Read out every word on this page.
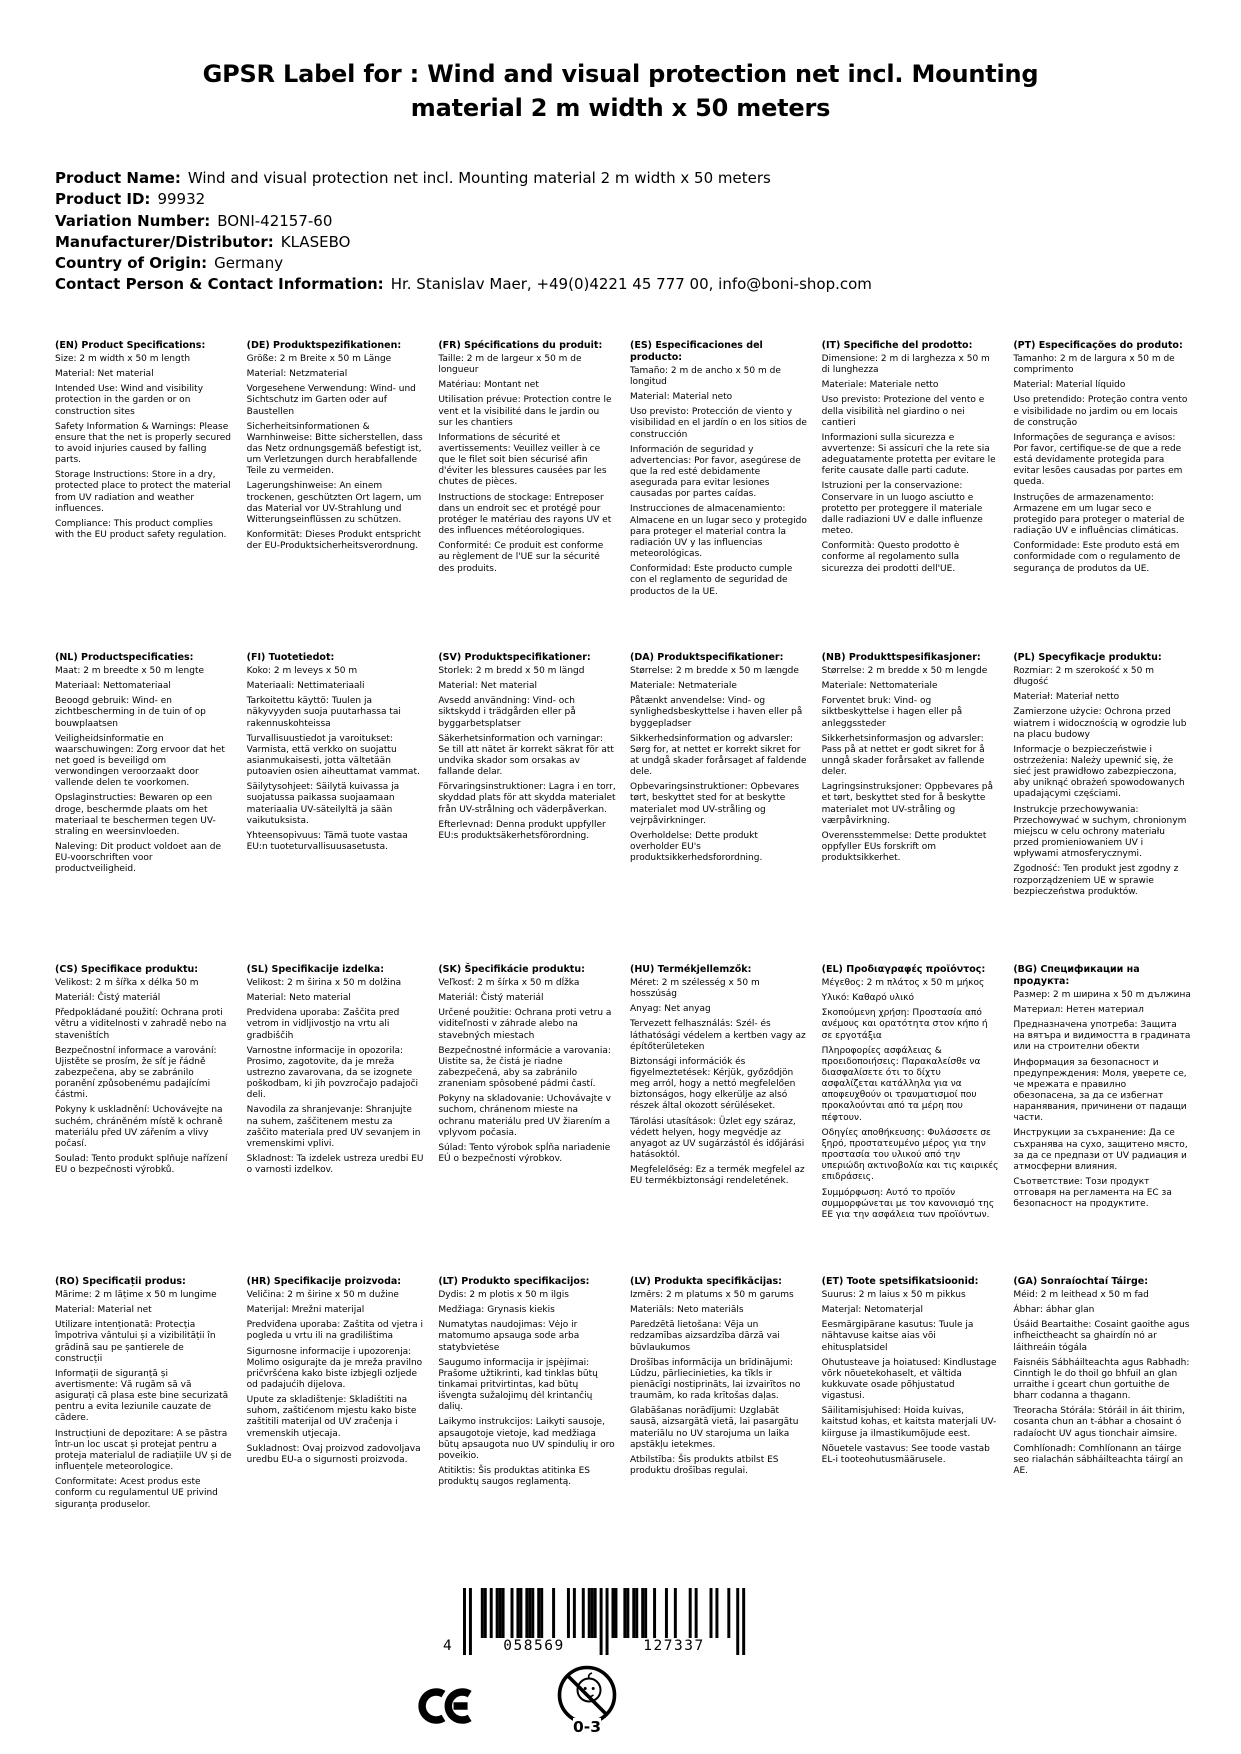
GPSR Label for : Wind and visual protection net incl. Mounting material 2 m width x 50 meters
Product Name: Wind and visual protection net incl. Mounting material 2 m width x 50 meters
Product ID: 99932
Variation Number: BONI-42157-60
Manufacturer/Distributor: KLASEBO
Country of Origin: Germany
Contact Person & Contact Information: Hr. Stanislav Maer, +49(0)4221 45 777 00, info@boni-shop.com

(EN) Product Specifications:

Size: 2 m width x 50 m length

Material: Net material

Intended Use: Wind and visibility protection in the garden or on construction sites

Safety Information & Warnings: Please ensure that the net is properly secured to avoid injuries caused by falling parts.

Storage Instructions: Store in a dry, protected place to protect the material from UV radiation and weather influences.

Compliance: This product complies with the EU product safety regulation.

(DE) Produktspezifikationen:

Größe: 2 m Breite x 50 m Länge

Material: Netzmaterial

Vorgesehene Verwendung: Wind- und Sichtschutz im Garten oder auf Baustellen

Sicherheitsinformationen & Warnhinweise: Bitte sicherstellen, dass das Netz ordnungsgemäß befestigt ist, um Verletzungen durch herabfallende Teile zu vermeiden.

Lagerungshinweise: An einem trockenen, geschützten Ort lagern, um das Material vor UV-Strahlung und Witterungseinflüssen zu schützen.

Konformität: Dieses Produkt entspricht der EU-Produktsicherheitsverordnung.

(FR) Spécifications du produit:

Taille: 2 m de largeur x 50 m de longueur

Matériau: Montant net

Utilisation prévue: Protection contre le vent et la visibilité dans le jardin ou sur les chantiers

Informations de sécurité et avertissements: Veuillez veiller à ce que le filet soit bien sécurisé afin d'éviter les blessures causées par les chutes de pièces.

Instructions de stockage: Entreposer dans un endroit sec et protégé pour protéger le matériau des rayons UV et des influences météorologiques.

Conformité: Ce produit est conforme au règlement de l'UE sur la sécurité des produits.

(ES) Especificaciones del producto:

Tamaño: 2 m de ancho x 50 m de longitud

Material: Material neto

Uso previsto: Protección de viento y visibilidad en el jardín o en los sitios de construcción

Información de seguridad y advertencias: Por favor, asegúrese de que la red esté debidamente asegurada para evitar lesiones causadas por partes caídas.

Instrucciones de almacenamiento: Almacene en un lugar seco y protegido para proteger el material contra la radiación UV y las influencias meteorológicas.

Conformidad: Este producto cumple con el reglamento de seguridad de productos de la UE.

(IT) Specifiche del prodotto:

Dimensione: 2 m di larghezza x 50 m di lunghezza

Materiale: Materiale netto

Uso previsto: Protezione del vento e della visibilità nel giardino o nei cantieri

Informazioni sulla sicurezza e avvertenze: Si assicuri che la rete sia adeguatamente protetta per evitare le ferite causate dalle parti cadute.

Istruzioni per la conservazione: Conservare in un luogo asciutto e protetto per proteggere il materiale dalle radiazioni UV e dalle influenze meteo.

Conformità: Questo prodotto è conforme al regolamento sulla sicurezza dei prodotti dell'UE.

(PT) Especificações do produto:

Tamanho: 2 m de largura x 50 m de comprimento

Material: Material líquido

Uso pretendido: Proteção contra vento e visibilidade no jardim ou em locais de construção

Informações de segurança e avisos: Por favor, certifique-se de que a rede está devidamente protegida para evitar lesões causadas por partes em queda.

Instruções de armazenamento: Armazene em um lugar seco e protegido para proteger o material de radiação UV e influências climáticas.

Conformidade: Este produto está em conformidade com o regulamento de segurança de produtos da UE.

(NL) Productspecificaties:

Maat: 2 m breedte x 50 m lengte

Materiaal: Nettomateriaal

Beoogd gebruik: Wind- en zichtbescherming in de tuin of op bouwplaatsen

Veiligheidsinformatie en waarschuwingen: Zorg ervoor dat het net goed is beveiligd om verwondingen veroorzaakt door vallende delen te voorkomen.

Opslaginstructies: Bewaren op een droge, beschermde plaats om het materiaal te beschermen tegen UV-straling en weersinvloeden.

Naleving: Dit product voldoet aan de EU-voorschriften voor productveiligheid.

(FI) Tuotetiedot:

Koko: 2 m leveys x 50 m

Materiaali: Nettimateriaali

Tarkoitettu käyttö: Tuulen ja näkyvyyden suoja puutarhassa tai rakennuskohteissa

Turvallisuustiedot ja varoitukset: Varmista, että verkko on suojattu asianmukaisesti, jotta vältetään putoavien osien aiheuttamat vammat.

Säilytysohjeet: Säilytä kuivassa ja suojatussa paikassa suojaamaan materiaalia UV-säteilyltä ja sään vaikutuksista.

Yhteensopivuus: Tämä tuote vastaa EU:n tuoteturvallisuusasetusta.

(SV) Produktspecifikationer:

Storlek: 2 m bredd x 50 m längd

Material: Net material

Avsedd användning: Vind- och siktskydd i trädgården eller på byggarbetsplatser

Säkerhetsinformation och varningar: Se till att nätet är korrekt säkrat för att undvika skador som orsakas av fallande delar.

Förvaringsinstruktioner: Lagra i en torr, skyddad plats för att skydda materialet från UV-strålning och väderpåverkan.

Efterlevnad: Denna produkt uppfyller EU:s produktsäkerhetsförordning.

(DA) Produktspecifikationer:

Størrelse: 2 m bredde x 50 m længde

Materiale: Netmateriale

Påtænkt anvendelse: Vind- og synlighedsbeskyttelse i haven eller på byggepladser

Sikkerhedsinformation og advarsler: Sørg for, at nettet er korrekt sikret for at undgå skader forårsaget af faldende dele.

Opbevaringsinstruktioner: Opbevares tørt, beskyttet sted for at beskytte materialet mod UV-stråling og vejrpåvirkninger.

Overholdelse: Dette produkt overholder EU's produktsikkerhedsforordning.

(NB) Produkttspesifikasjoner:

Størrelse: 2 m bredde x 50 m lengde

Materiale: Nettomateriale

Forventet bruk: Vind- og siktbeskyttelse i hagen eller på anleggssteder

Sikkerhetsinformasjon og advarsler: Pass på at nettet er godt sikret for å unngå skader forårsaket av fallende deler.

Lagringsinstruksjoner: Oppbevares på et tørt, beskyttet sted for å beskytte materialet mot UV-stråling og værpåvirkning.

Overensstemmelse: Dette produktet oppfyller EUs forskrift om produktsikkerhet.

(PL) Specyfikacje produktu:

Rozmiar: 2 m szerokość x 50 m długość

Materiał: Materiał netto

Zamierzone użycie: Ochrona przed wiatrem i widocznością w ogrodzie lub na placu budowy

Informacje o bezpieczeństwie i ostrzeżenia: Należy upewnić się, że sieć jest prawidłowo zabezpieczona, aby uniknąć obrażeń spowodowanych upadającymi częściami.

Instrukcje przechowywania: Przechowywać w suchym, chronionym miejscu w celu ochrony materiału przed promieniowaniem UV i wpływami atmosferycznymi.

Zgodność: Ten produkt jest zgodny z rozporządzeniem UE w sprawie bezpieczeństwa produktów.

(CS) Specifikace produktu:

Velikost: 2 m šířka x délka 50 m

Materiál: Čistý materiál

Předpokládané použití: Ochrana proti větru a viditelnosti v zahradě nebo na staveništích

Bezpečnostní informace a varování: Ujistěte se prosím, že síť je řádně zabezpečena, aby se zabránilo poranění způsobenému padajícími částmi.

Pokyny k uskladnění: Uchovávejte na suchém, chráněném místě k ochraně materiálu před UV zářením a vlivy počasí.

Soulad: Tento produkt splňuje nařízení EU o bezpečnosti výrobků.

(SL) Specifikacije izdelka:

Velikost: 2 m širina x 50 m dolžina

Material: Neto material

Predvidena uporaba: Zaščita pred vetrom in vidljivostjo na vrtu ali gradbiščih

Varnostne informacije in opozorila: Prosimo, zagotovite, da je mreža ustrezno zavarovana, da se izognete poškodbam, ki jih povzročajo padajoči deli.

Navodila za shranjevanje: Shranjujte na suhem, zaščitenem mestu za zaščito materiala pred UV sevanjem in vremenskimi vplivi.

Skladnost: Ta izdelek ustreza uredbi EU o varnosti izdelkov.

(SK) Špecifikácie produktu:

Veľkosť: 2 m šírka x 50 m dĺžka

Materiál: Čistý materiál

Určené použitie: Ochrana proti vetru a viditeľnosti v záhrade alebo na stavebných miestach

Bezpečnostné informácie a varovania: Uistite sa, že čistá je riadne zabezpečená, aby sa zabránilo zraneniam spôsobené pádmi častí.

Pokyny na skladovanie: Uchovávajte v suchom, chránenom mieste na ochranu materiálu pred UV žiarením a vplyvom počasia.

Súlad: Tento výrobok spĺňa nariadenie EÚ o bezpečnosti výrobkov.

(HU) Termékjellemzők:

Méret: 2 m szélesség x 50 m hosszúság

Anyag: Net anyag

Tervezett felhasználás: Szél- és láthatósági védelem a kertben vagy az építőterületeken

Biztonsági információk és figyelmeztetések: Kérjük, győződjön meg arról, hogy a nettó megfelelően biztonságos, hogy elkerülje az alsó részek által okozott sérüléseket.

Tárolási utasítások: Üzlet egy száraz, védett helyen, hogy megvédje az anyagot az UV sugárzástól és időjárási hatásoktól.

Megfelelőség: Ez a termék megfelel az EU termékbiztonsági rendeletének.

(EL) Προδιαγραφές προϊόντος:

Μέγεθος: 2 m πλάτος x 50 m μήκος

Υλικό: Καθαρό υλικό

Σκοπούμενη χρήση: Προστασία από ανέμους και ορατότητα στον κήπο ή σε εργοτάξια

Πληροφορίες ασφάλειας & προειδοποιήσεις: Παρακαλείσθε να διασφαλίσετε ότι το δίχτυ ασφαλίζεται κατάλληλα για να αποφευχθούν οι τραυματισμοί που προκαλούνται από τα μέρη που πέφτουν.

Οδηγίες αποθήκευσης: Φυλάσσετε σε ξηρό, προστατευμένο μέρος για την προστασία του υλικού από την υπεριώδη ακτινοβολία και τις καιρικές επιδράσεις.

Συμμόρφωση: Αυτό το προϊόν συμμορφώνεται με τον κανονισμό της ΕΕ για την ασφάλεια των προϊόντων.

(BG) Спецификации на продукта:

Размер: 2 m ширина x 50 m дължина

Материал: Нетен материал

Предназначена употреба: Защита на вятъра и видимостта в градината или на строителни обекти

Информация за безопасност и предупреждения: Моля, уверете се, че мрежата е правилно обезопасена, за да се избегнат наранявания, причинени от падащи части.

Инструкции за съхранение: Да се съхранява на сухо, защитено място, за да се предпази от UV радиация и атмосферни влияния.

Съответствие: Този продукт отговаря на регламента на ЕС за безопасност на продуктите.

(RO) Specificații produs:

Mărime: 2 m lățime x 50 m lungime

Material: Material net

Utilizare intenționată: Protecția împotriva vântului și a vizibilității în grădină sau pe șantierele de construcții

Informații de siguranță și avertismente: Vă rugăm să vă asigurați că plasa este bine securizată pentru a evita leziunile cauzate de cădere.

Instrucțiuni de depozitare: A se păstra într-un loc uscat și protejat pentru a proteja materialul de radiațiile UV și de influențele meteorologice.

Conformitate: Acest produs este conform cu regulamentul UE privind siguranța produselor.

(HR) Specifikacije proizvoda:

Veličina: 2 m širine x 50 m dužine

Materijal: Mrežni materijal

Predviđena uporaba: Zaštita od vjetra i pogleda u vrtu ili na gradilištima

Sigurnosne informacije i upozorenja: Molimo osigurajte da je mreža pravilno pričvršćena kako biste izbjegli ozljede od padajućih dijelova.

Upute za skladištenje: Skladištiti na suhom, zaštićenom mjestu kako biste zaštitili materijal od UV zračenja i vremenskih utjecaja.

Sukladnost: Ovaj proizvod zadovoljava uredbu EU-a o sigurnosti proizvoda.

(LT) Produkto specifikacijos:

Dydis: 2 m plotis x 50 m ilgis

Medžiaga: Grynasis kiekis

Numatytas naudojimas: Vėjo ir matomumo apsauga sode arba statybvietėse

Saugumo informacija ir įspėjimai: Prašome užtikrinti, kad tinklas būtų tinkamai pritvirtintas, kad būtų išvengta sužalojimų dėl krintančių dalių.

Laikymo instrukcijos: Laikyti sausoje, apsaugotoje vietoje, kad medžiaga būtų apsaugota nuo UV spindulių ir oro poveikio.

Atitiktis: Šis produktas atitinka ES produktų saugos reglamentą.

(LV) Produkta specifikācijas:

Izmērs: 2 m platums x 50 m garums

Materiāls: Neto materiāls

Paredzētā lietošana: Vēja un redzamības aizsardzība dārzā vai būvlaukumos

Drošības informācija un brīdinājumi: Lūdzu, pārliecinieties, ka tīkls ir pienācīgi nostiprināts, lai izvairītos no traumām, ko rada krītošas daļas.

Glabāšanas norādījumi: Uzglabāt sausā, aizsargātā vietā, lai pasargātu materiālu no UV starojuma un laika apstākļu ietekmes.

Atbilstība: Šis produkts atbilst ES produktu drošības regulai.

(ET) Toote spetsifikatsioonid:

Suurus: 2 m laius x 50 m pikkus

Materjal: Netomaterjal

Eesmärgipärane kasutus: Tuule ja nähtavuse kaitse aias või ehitusplatsidel

Ohutusteave ja hoiatused: Kindlustage võrk nõuetekohaselt, et vältida kukkuvate osade põhjustatud vigastusi.

Säilitamisjuhised: Hoida kuivas, kaitstud kohas, et kaitsta materjali UV-kiirguse ja ilmastikumõjude eest.

Nõuetele vastavus: See toode vastab EL-i tooteohutusmäärusele.

(GA) Sonraíochtaí Táirge:

Méid: 2 m leithead x 50 m fad

Ábhar: ábhar glan

Úsáid Beartaithe: Cosaint gaoithe agus infheictheacht sa ghairdín nó ar láithreáin tógála

Faisnéis Sábháilteachta agus Rabhadh: Cinntigh le do thoil go bhfuil an glan urraithe i gceart chun gortuithe de bharr codanna a thagann.

Treoracha Stórála: Stóráil in áit thirim, cosanta chun an t-ábhar a chosaint ó radaíocht UV agus tionchair aimsire.

Comhlíonadh: Comhlíonann an táirge seo rialachán sábháilteachta táirgí an AE.

4	058569	127337
0-3
